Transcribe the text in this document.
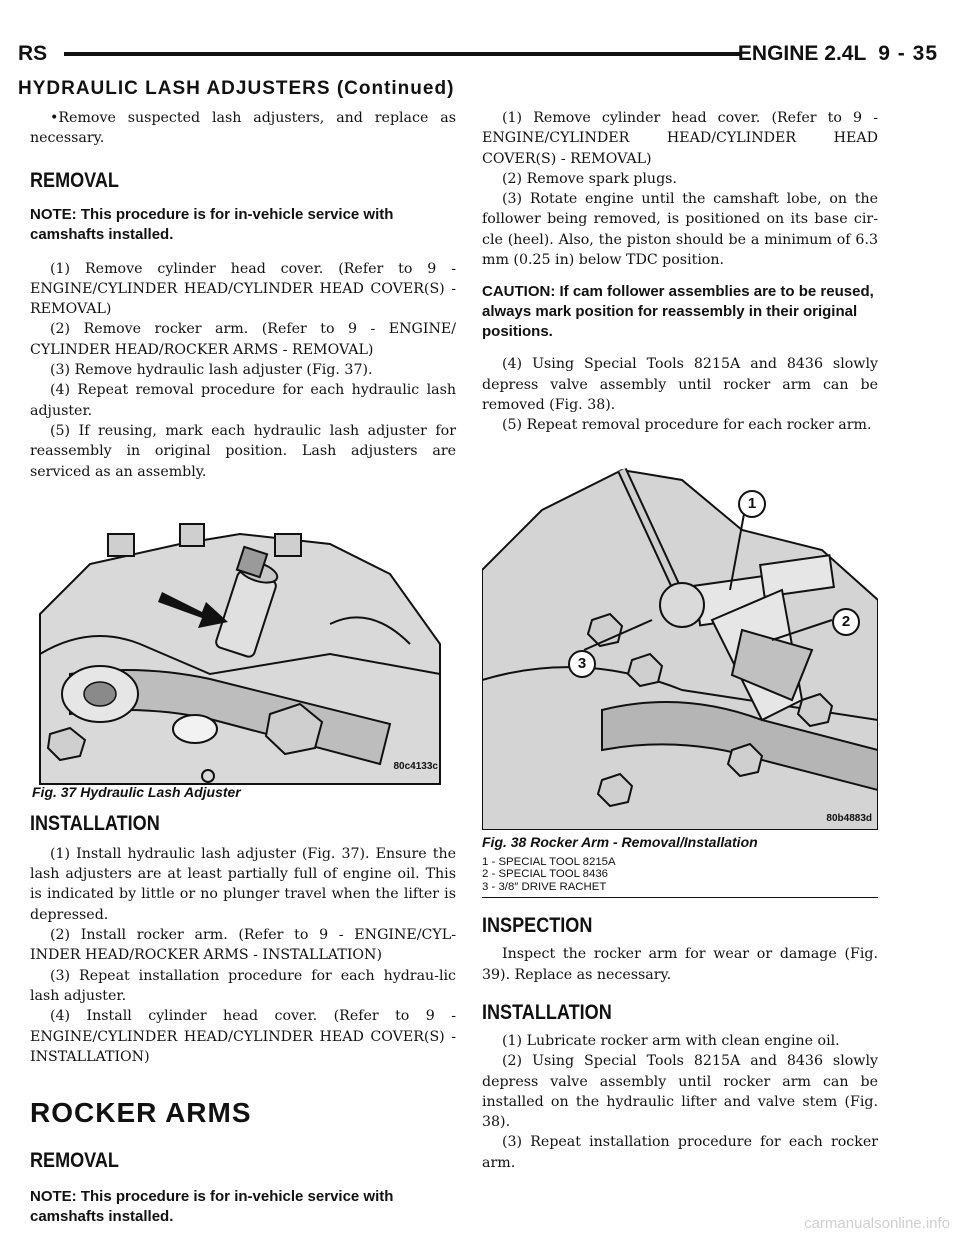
RS	ENGINE 2.4L 9 - 35
HYDRAULIC LASH ADJUSTERS (Continued)

•Remove suspected lash adjusters, and replace as necessary.

REMOVAL

NOTE: This procedure is for in-vehicle service with camshafts installed.

(1) Remove cylinder head cover. (Refer to 9 - ENGINE/CYLINDER HEAD/CYLINDER HEAD COVER(S) - REMOVAL)

(2) Remove rocker arm. (Refer to 9 - ENGINE/ CYLINDER HEAD/ROCKER ARMS - REMOVAL)

(3) Remove hydraulic lash adjuster (Fig. 37).

(4) Repeat removal procedure for each hydraulic lash adjuster.

(5) If reusing, mark each hydraulic lash adjuster for reassembly in original position. Lash adjusters are serviced as an assembly.

80c4133c

Fig. 37 Hydraulic Lash Adjuster

INSTALLATION

(1) Install hydraulic lash adjuster (Fig. 37). Ensure the lash adjusters are at least partially full of engine oil. This is indicated by little or no plunger travel when the lifter is depressed.

(2) Install rocker arm. (Refer to 9 - ENGINE/CYL-INDER HEAD/ROCKER ARMS - INSTALLATION)

(3) Repeat installation procedure for each hydrau-lic lash adjuster.

(4) Install cylinder head cover. (Refer to 9 - ENGINE/CYLINDER HEAD/CYLINDER HEAD COVER(S) - INSTALLATION)

ROCKER ARMS
REMOVAL

NOTE: This procedure is for in-vehicle service with camshafts installed.

(1) Remove cylinder head cover. (Refer to 9 - ENGINE/CYLINDER HEAD/CYLINDER HEAD COVER(S) - REMOVAL)

(2) Remove spark plugs.

(3) Rotate engine until the camshaft lobe, on the follower being removed, is positioned on its base cir-cle (heel). Also, the piston should be a minimum of 6.3 mm (0.25 in) below TDC position.

CAUTION: If cam follower assemblies are to be reused, always mark position for reassembly in their original positions.

(4) Using Special Tools 8215A and 8436 slowly depress valve assembly until rocker arm can be removed (Fig. 38).

(5) Repeat removal procedure for each rocker arm.

1
2
3
80b4883d

Fig. 38 Rocker Arm - Removal/Installation

1 - SPECIAL TOOL 8215A

2 - SPECIAL TOOL 8436

3 - 3/8″ DRIVE RACHET

INSPECTION

Inspect the rocker arm for wear or damage (Fig. 39). Replace as necessary.

INSTALLATION

(1) Lubricate rocker arm with clean engine oil.

(2) Using Special Tools 8215A and 8436 slowly depress valve assembly until rocker arm can be installed on the hydraulic lifter and valve stem (Fig. 38).

(3) Repeat installation procedure for each rocker arm.

carmanualsonline.info
